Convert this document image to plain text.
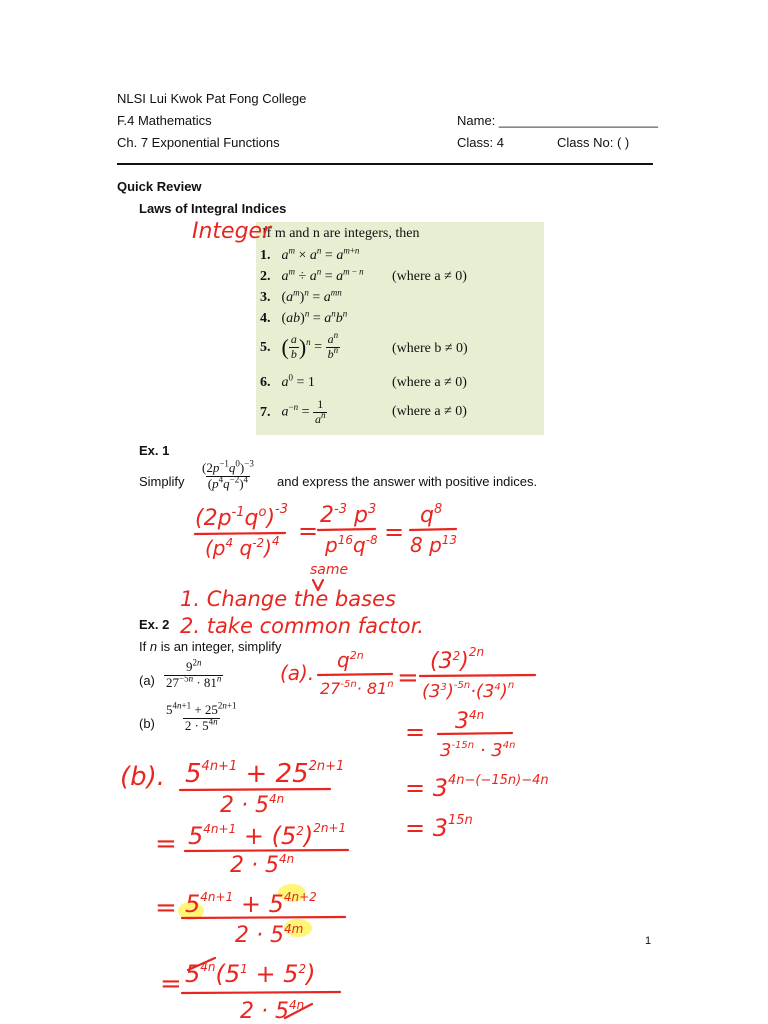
NLSI Lui Kwok Pat Fong College
F.4 Mathematics
Ch. 7 Exponential Functions
Name: ______________________
Class: 4	Class No: ( )
Quick Review
Laws of Integral Indices
If m and n are integers, then
1. $a^m \times a^n = a^{m+n}$
2. $a^m \div a^n = a^{m - n}$ (where a ≠ 0)
3. $(a^m)^n = a^{mn}$
4. $(ab)^n = a^nb^n$
5. ( $\frac{a}{b} )^n = \frac{a^n}{b^n}$	(where b ≠ 0)
6. $a^0 = 1$	(where a ≠ 0)
7. $a^{-n} = \frac{1}{a^n}$	(where a ≠ 0)
Ex. 1
Simplify $\frac{(2p^{-1}q^0)^{-3}}{(p^4q^{-2})^4}$ and express the answer with positive indices.
Ex. 2
If n is an integer, simplify
$(a) \frac{9^{2n}}{27^{-5n} \cdot 81^n}$
$(b) \frac{5^{4n+1} + 25^{2n+1}}{2 \cdot 5^{4n}}$
1
Integer
$(2p^{-1}q^o)^{-3}$
($p^4$ $q^{-2})^4$ =
$2^{-3}$ $p^3$
$p^{16}q^{-8}$ =
$q^8$
8 $p^{13}$
same
1. Change the bases
2. take common factor.
(a).
$q^{2n}$
$27^{-5n}\cdot 81^n$ =
$(3^2)^{2n}$
$(3^3)^{-5n}\cdot(3^4)^n$
= $3^{4n}$
$3^{-15n} \cdot 3^{4n}$
= $3^{4n-(-15n)-4n}$
= $3^{15n}$
(b). $5^{4n+1} + 25^{2n+1}$
$2 \cdot 5^{4n}$
= $5^{4n+1} + (5^2)^{2n+1}$
$2 \cdot 5^{4n}$
= $5^{4n+1} + 5^{4n+2}$
$2 \cdot 5^{4m}$
= $5^{4n}(5^1 + 5^2)$
$2 \cdot 5^{4n}$
